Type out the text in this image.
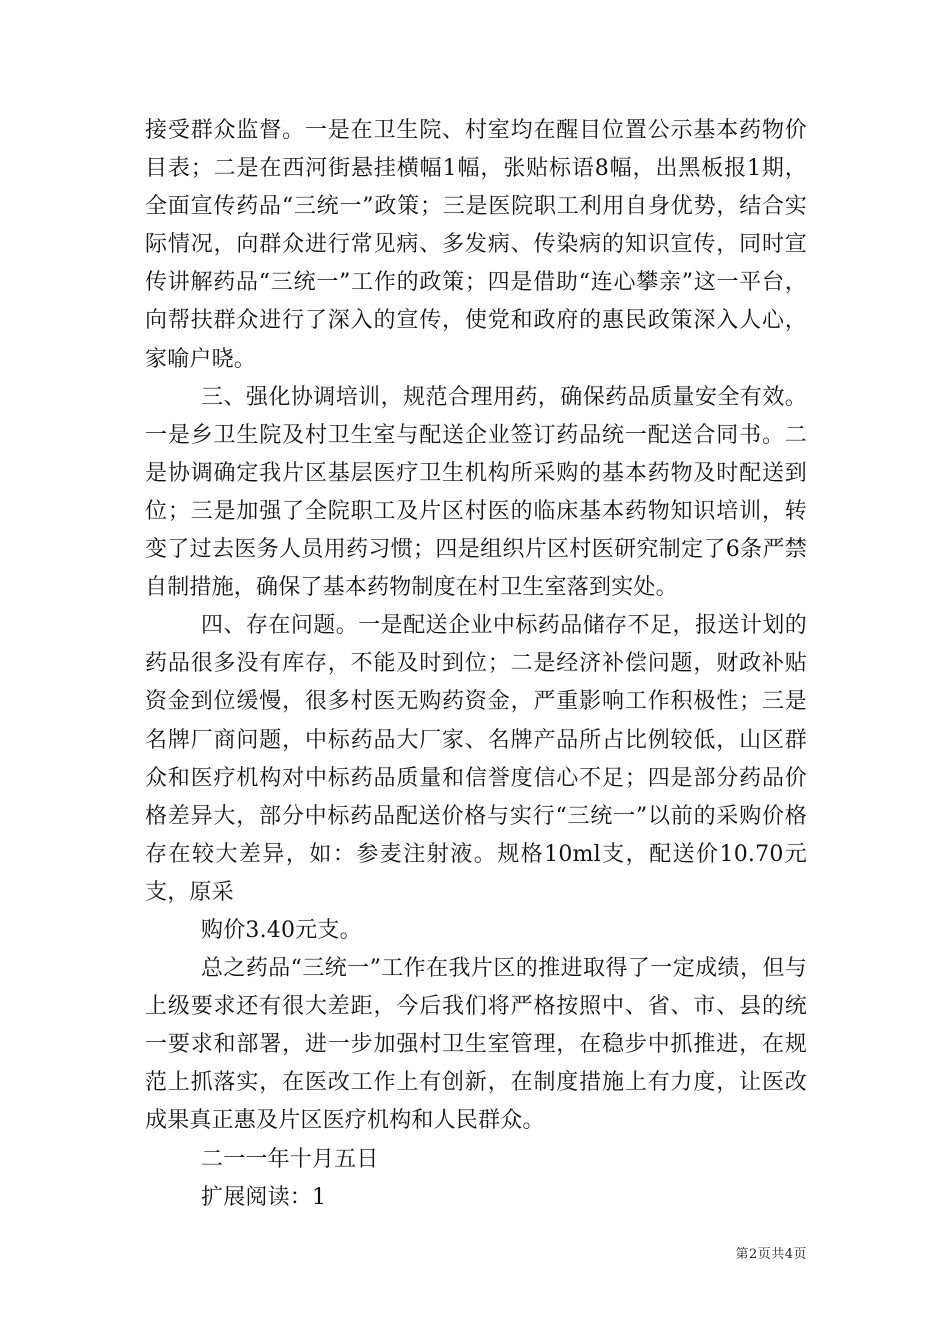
接受群众监督。一是在卫生院、村室均在醒目位置公示基本药物价目表；二是在西河街悬挂横幅1幅，张贴标语8幅，出黑板报1期，全面宣传药品“三统一”政策；三是医院职工利用自身优势，结合实际情况，向群众进行常见病、多发病、传染病的知识宣传，同时宣传讲解药品“三统一”工作的政策；四是借助“连心攀亲”这一平台，向帮扶群众进行了深入的宣传，使党和政府的惠民政策深入人心，家喻户晓。

三、强化协调培训，规范合理用药，确保药品质量安全有效。一是乡卫生院及村卫生室与配送企业签订药品统一配送合同书。二是协调确定我片区基层医疗卫生机构所采购的基本药物及时配送到位；三是加强了全院职工及片区村医的临床基本药物知识培训，转变了过去医务人员用药习惯；四是组织片区村医研究制定了6条严禁自制措施，确保了基本药物制度在村卫生室落到实处。

四、存在问题。一是配送企业中标药品储存不足，报送计划的药品很多没有库存，不能及时到位；二是经济补偿问题，财政补贴资金到位缓慢，很多村医无购药资金，严重影响工作积极性；三是名牌厂商问题，中标药品大厂家、名牌产品所占比例较低，山区群众和医疗机构对中标药品质量和信誉度信心不足；四是部分药品价格差异大，部分中标药品配送价格与实行“三统一”以前的采购价格存在较大差异，如：参麦注射液。规格10ml支，配送价10.70元支，原采

购价3.40元支。

总之药品“三统一”工作在我片区的推进取得了一定成绩，但与上级要求还有很大差距，今后我们将严格按照中、省、市、县的统一要求和部署，进一步加强村卫生室管理，在稳步中抓推进，在规范上抓落实，在医改工作上有创新，在制度措施上有力度，让医改成果真正惠及片区医疗机构和人民群众。

二一一年十月五日

扩展阅读：1

第2页共4页
